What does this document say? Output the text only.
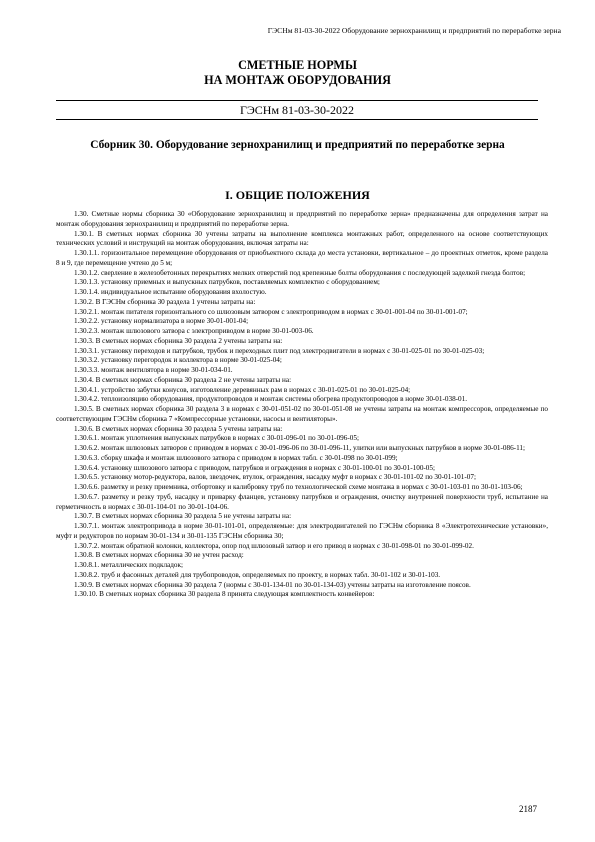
ГЭСНм 81-03-30-2022 Оборудование зернохранилищ и предприятий по переработке зерна
СМЕТНЫЕ НОРМЫ
НА МОНТАЖ ОБОРУДОВАНИЯ
ГЭСНм 81-03-30-2022
Сборник 30. Оборудование зернохранилищ и предприятий по переработке зерна
I. ОБЩИЕ ПОЛОЖЕНИЯ

1.30. Сметные нормы сборника 30 «Оборудование зернохранилищ и предприятий по переработке зерна» предназначены для определения затрат на монтаж оборудования зернохранилищ и предприятий по переработке зерна.

1.30.1. В сметных нормах сборника 30 учтены затраты на выполнение комплекса монтажных работ, определенного на основе соответствующих технических условий и инструкций на монтаж оборудования, включая затраты на:

1.30.1.1. горизонтальное перемещение оборудования от приобъектного склада до места установки, вертикальное – до проектных отметок, кроме раздела 8 и 9, где перемещение учтено до 5 м;

1.30.1.2. сверление в железобетонных перекрытиях мелких отверстий под крепежные болты оборудования с последующей заделкой гнезда болтов;

1.30.1.3. установку приемных и выпускных патрубков, поставляемых комплектно с оборудованием;

1.30.1.4. индивидуальное испытание оборудования вхолостую.

1.30.2. В ГЭСНм сборника 30 раздела 1 учтены затраты на:

1.30.2.1. монтаж питателя горизонтального со шлюзовым затвором с электроприводом в нормах с 30-01-001-04 по 30-01-001-07;

1.30.2.2. установку нормализатора в норме 30-01-001-04;

1.30.2.3. монтаж шлюзового затвора с электроприводом в норме 30-01-003-06.

1.30.3. В сметных нормах сборника 30 раздела 2 учтены затраты на:

1.30.3.1. установку переходов и патрубков, трубок и переходных плит под электродвигатели в нормах с 30-01-025-01 по 30-01-025-03;

1.30.3.2. установку перегородок и коллектора в норме 30-01-025-04;

1.30.3.3. монтаж вентилятора в норме 30-01-034-01.

1.30.4. В сметных нормах сборника 30 раздела 2 не учтены затраты на:

1.30.4.1. устройство забутки конусов, изготовление деревянных рам в нормах с 30-01-025-01 по 30-01-025-04;

1.30.4.2. теплоизоляцию оборудования, продуктопроводов и монтаж системы обогрева продуктопроводов в норме 30-01-038-01.

1.30.5. В сметных нормах сборника 30 раздела 3 в нормах с 30-01-051-02 по 30-01-051-08 не учтены затраты на монтаж компрессоров, определяемые по соответствующим ГЭСНм сборника 7 «Компрессорные установки, насосы и вентиляторы».

1.30.6. В сметных нормах сборника 30 раздела 5 учтены затраты на:

1.30.6.1. монтаж уплотнения выпускных патрубков в нормах с 30-01-096-01 по 30-01-096-05;

1.30.6.2. монтаж шлюзовых затворов с приводом в нормах с 30-01-096-06 по 30-01-096-11, улитки или выпускных патрубков в норме 30-01-086-11;

1.30.6.3. сборку шкафа и монтаж шлюзового затвора с приводом в нормах табл. с 30-01-098 по 30-01-099;

1.30.6.4. установку шлюзового затвора с приводом, патрубков и ограждения в нормах с 30-01-100-01 по 30-01-100-05;

1.30.6.5. установку мотор-редуктора, валов, звездочек, втулок, ограждения, насадку муфт в нормах с 30-01-101-02 по 30-01-101-07;

1.30.6.6. разметку и резку приемника, отбортовку и калибровку труб по технологической схеме монтажа в нормах с 30-01-103-01 по 30-01-103-06;

1.30.6.7. разметку и резку труб, насадку и приварку фланцев, установку патрубков и ограждения, очистку внутренней поверхности труб, испытание на герметичность в нормах с 30-01-104-01 по 30-01-104-06.

1.30.7. В сметных нормах сборника 30 раздела 5 не учтены затраты на:

1.30.7.1. монтаж электропривода в норме 30-01-101-01, определяемые: для электродвигателей по ГЭСНм сборника 8 «Электротехнические установки», муфт и редукторов по нормам 30-01-134 и 30-01-135 ГЭСНм сборника 30;

1.30.7.2. монтаж обратной колонки, коллектора, опор под шлюзовый затвор и его привод в нормах с 30-01-098-01 по 30-01-099-02.

1.30.8. В сметных нормах сборника 30 не учтен расход:

1.30.8.1. металлических подкладок;

1.30.8.2. труб и фасонных деталей для трубопроводов, определяемых по проекту, в нормах табл. 30-01-102 и 30-01-103.

1.30.9. В сметных нормах сборника 30 раздела 7 (нормы с 30-01-134-01 по 30-01-134-03) учтены затраты на изготовление поясов.

1.30.10. В сметных нормах сборника 30 раздела 8 принята следующая комплектность конвейеров:

2187
